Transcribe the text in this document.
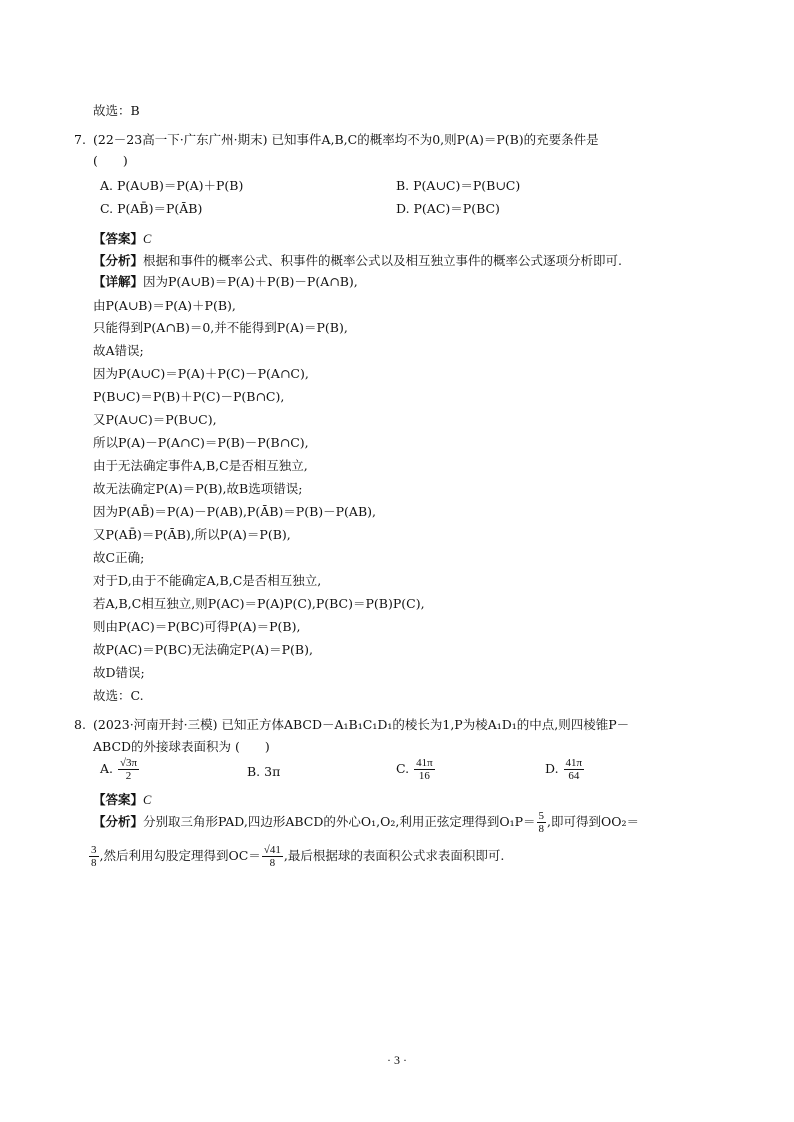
故选：B
7. (22－23高一下·广东广州·期末) 已知事件A,B,C的概率均不为0,则P(A)＝P(B)的充要条件是
(　　)
A. P(A∪B)＝P(A)＋P(B)	B. P(A∪C)＝P(B∪C)
C. P(AB̄)＝P(ĀB)	D. P(AC)＝P(BC)
【答案】C
【分析】根据和事件的概率公式、积事件的概率公式以及相互独立事件的概率公式逐项分析即可.
【详解】因为P(A∪B)＝P(A)＋P(B)－P(A∩B),
由P(A∪B)＝P(A)＋P(B),
只能得到P(A∩B)＝0,并不能得到P(A)＝P(B),
故A错误;
因为P(A∪C)＝P(A)＋P(C)－P(A∩C),
P(B∪C)＝P(B)＋P(C)－P(B∩C),
又P(A∪C)＝P(B∪C),
所以P(A)－P(A∩C)＝P(B)－P(B∩C),
由于无法确定事件A,B,C是否相互独立,
故无法确定P(A)＝P(B),故B选项错误;
因为P(AB̄)＝P(A)－P(AB),P(ĀB)＝P(B)－P(AB),
又P(AB̄)＝P(ĀB),所以P(A)＝P(B),
故C正确;
对于D,由于不能确定A,B,C是否相互独立,
若A,B,C相互独立,则P(AC)＝P(A)P(C),P(BC)＝P(B)P(C),
则由P(AC)＝P(BC)可得P(A)＝P(B),
故P(AC)＝P(BC)无法确定P(A)＝P(B),
故D错误;
故选：C.
8. (2023·河南开封·三模) 已知正方体ABCD－A₁B₁C₁D₁的棱长为1,P为棱A₁D₁的中点,则四棱锥P－
ABCD的外接球表面积为 (　　)
A. $\frac{√3\pi}{2}$	B. 3π	C. $\frac{41\pi}{16}$	D. $\frac{41\pi}{64}$
【答案】C
【分析】分别取三角形PAD,四边形ABCD的外心O₁,O₂,利用正弦定理得到$O_1P= \frac{5}{8}$ ,即可得到OO₂＝
$\frac{3}{8}$ ,然后利用勾股定理得到$OC= \frac{√41}{8}$ ,最后根据球的表面积公式求表面积即可.
· 3 ·
